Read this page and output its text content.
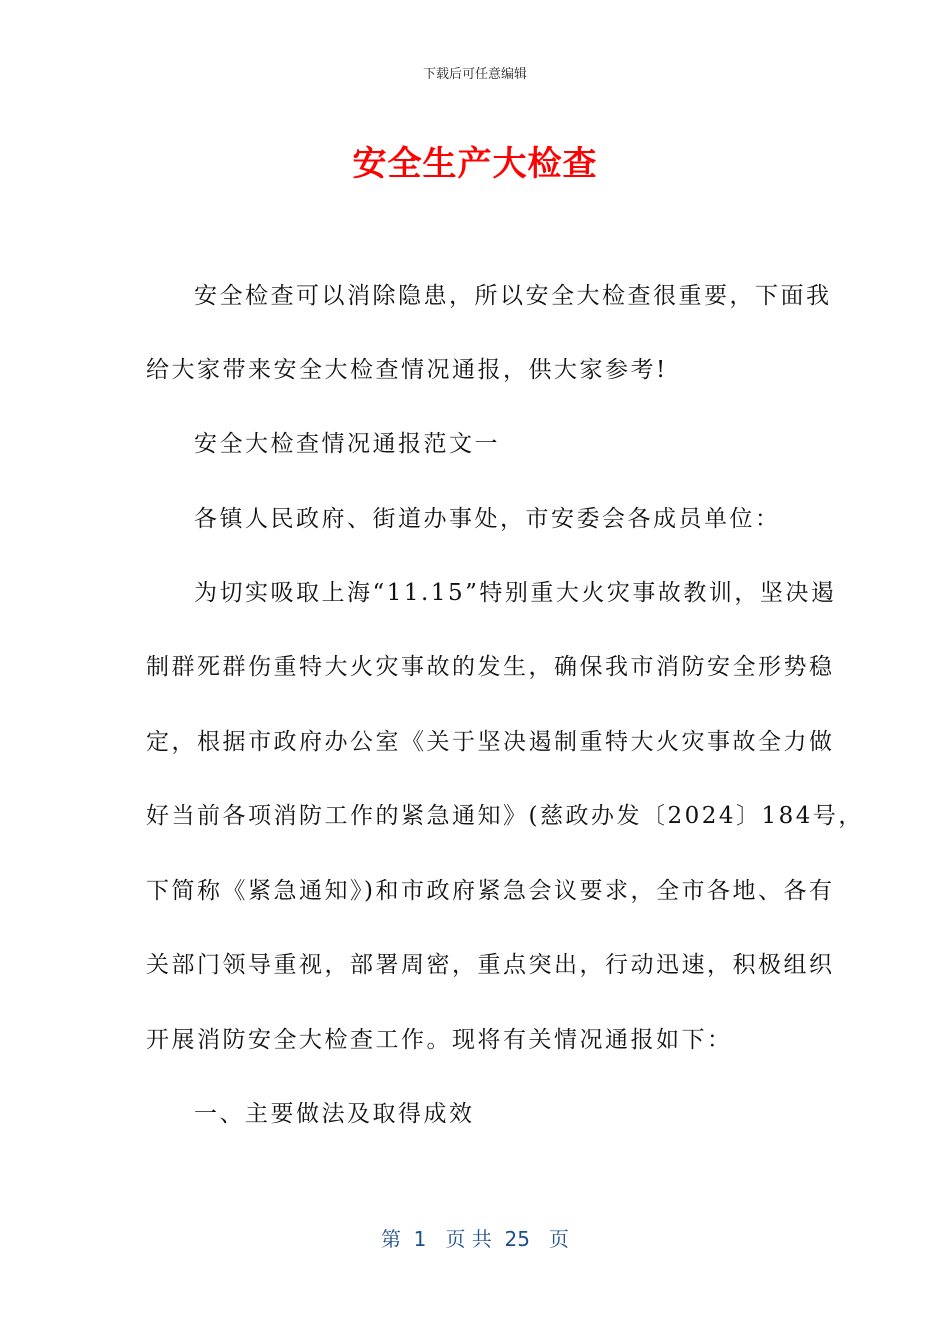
下载后可任意编辑
安全生产大检查
安全检查可以消除隐患，所以安全大检查很重要，下面我
给大家带来安全大检查情况通报，供大家参考!
安全大检查情况通报范文一
各镇人民政府、街道办事处，市安委会各成员单位：
为切实吸取上海“11.15”特别重大火灾事故教训，坚决遏
制群死群伤重特大火灾事故的发生，确保我市消防安全形势稳
定，根据市政府办公室《关于坚决遏制重特大火灾事故全力做
好当前各项消防工作的紧急通知》(慈政办发〔2024〕184号，
下简称《紧急通知》)和市政府紧急会议要求，全市各地、各有
关部门领导重视，部署周密，重点突出，行动迅速，积极组织
开展消防安全大检查工作。现将有关情况通报如下：
一、主要做法及取得成效
第  1   页 共  25   页
